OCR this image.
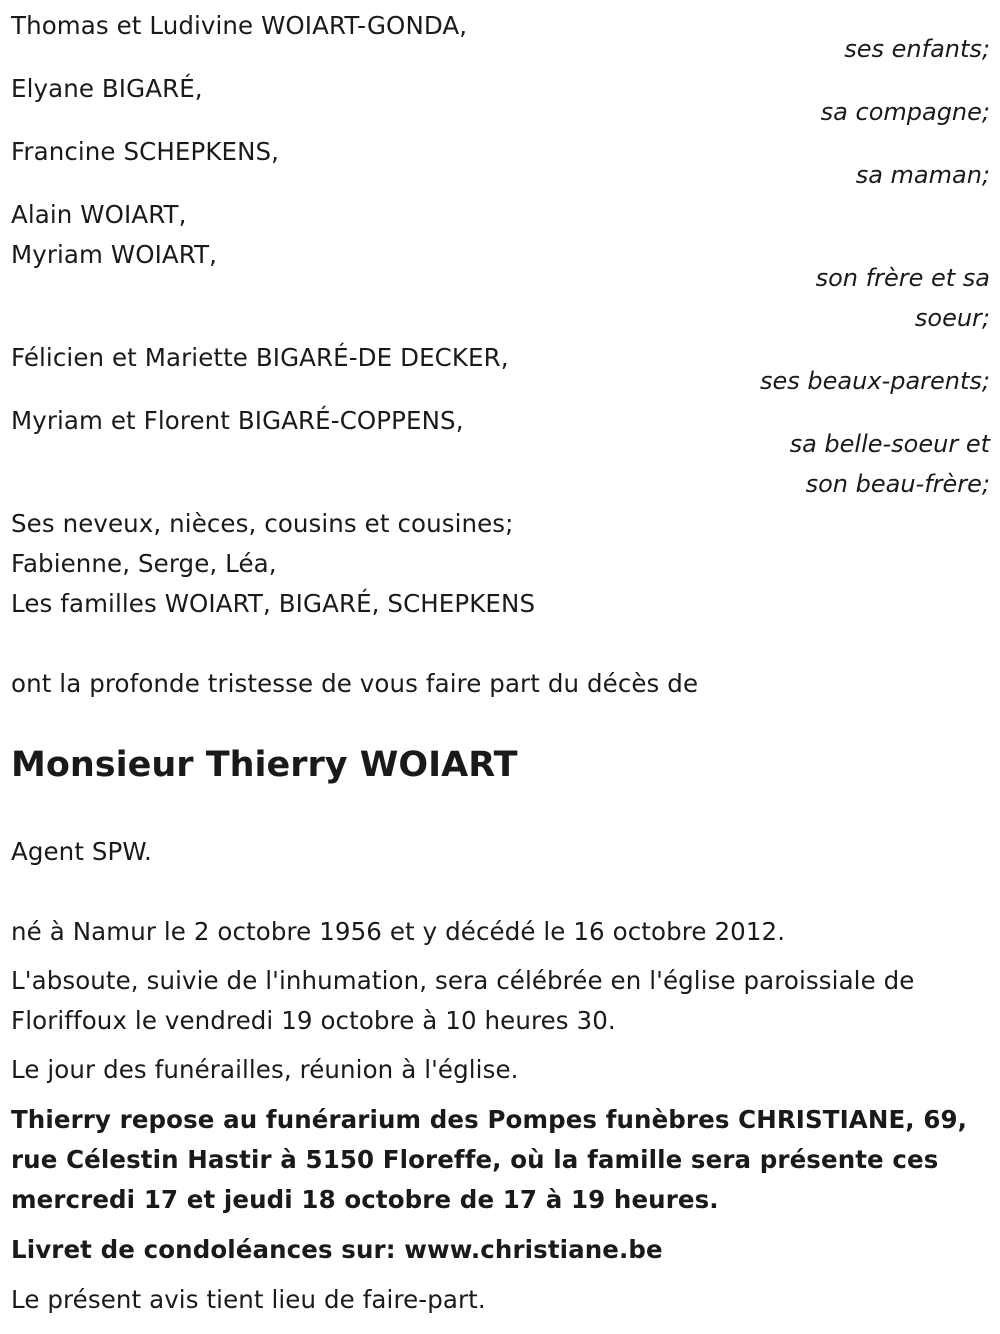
Thomas et Ludivine WOIART-GONDA,
ses enfants;
Elyane BIGARÉ,
sa compagne;
Francine SCHEPKENS,
sa maman;
Alain WOIART,
Myriam WOIART,
son frère et sa
soeur;
Félicien et Mariette BIGARÉ-DE DECKER,
ses beaux-parents;
Myriam et Florent BIGARÉ-COPPENS,
sa belle-soeur et
son beau-frère;
Ses neveux, nièces, cousins et cousines;
Fabienne, Serge, Léa,
Les familles WOIART, BIGARÉ, SCHEPKENS
ont la profonde tristesse de vous faire part du décès de
Monsieur Thierry WOIART
Agent SPW.
né à Namur le 2 octobre 1956 et y décédé le 16 octobre 2012.
L'absoute, suivie de l'inhumation, sera célébrée en l'église paroissiale de
Floriffoux le vendredi 19 octobre à 10 heures 30.
Le jour des funérailles, réunion à l'église.
Thierry repose au funérarium des Pompes funèbres CHRISTIANE, 69,
rue Célestin Hastir à 5150 Floreffe, où la famille sera présente ces
mercredi 17 et jeudi 18 octobre de 17 à 19 heures.
Livret de condoléances sur: www.christiane.be
Le présent avis tient lieu de faire-part.
